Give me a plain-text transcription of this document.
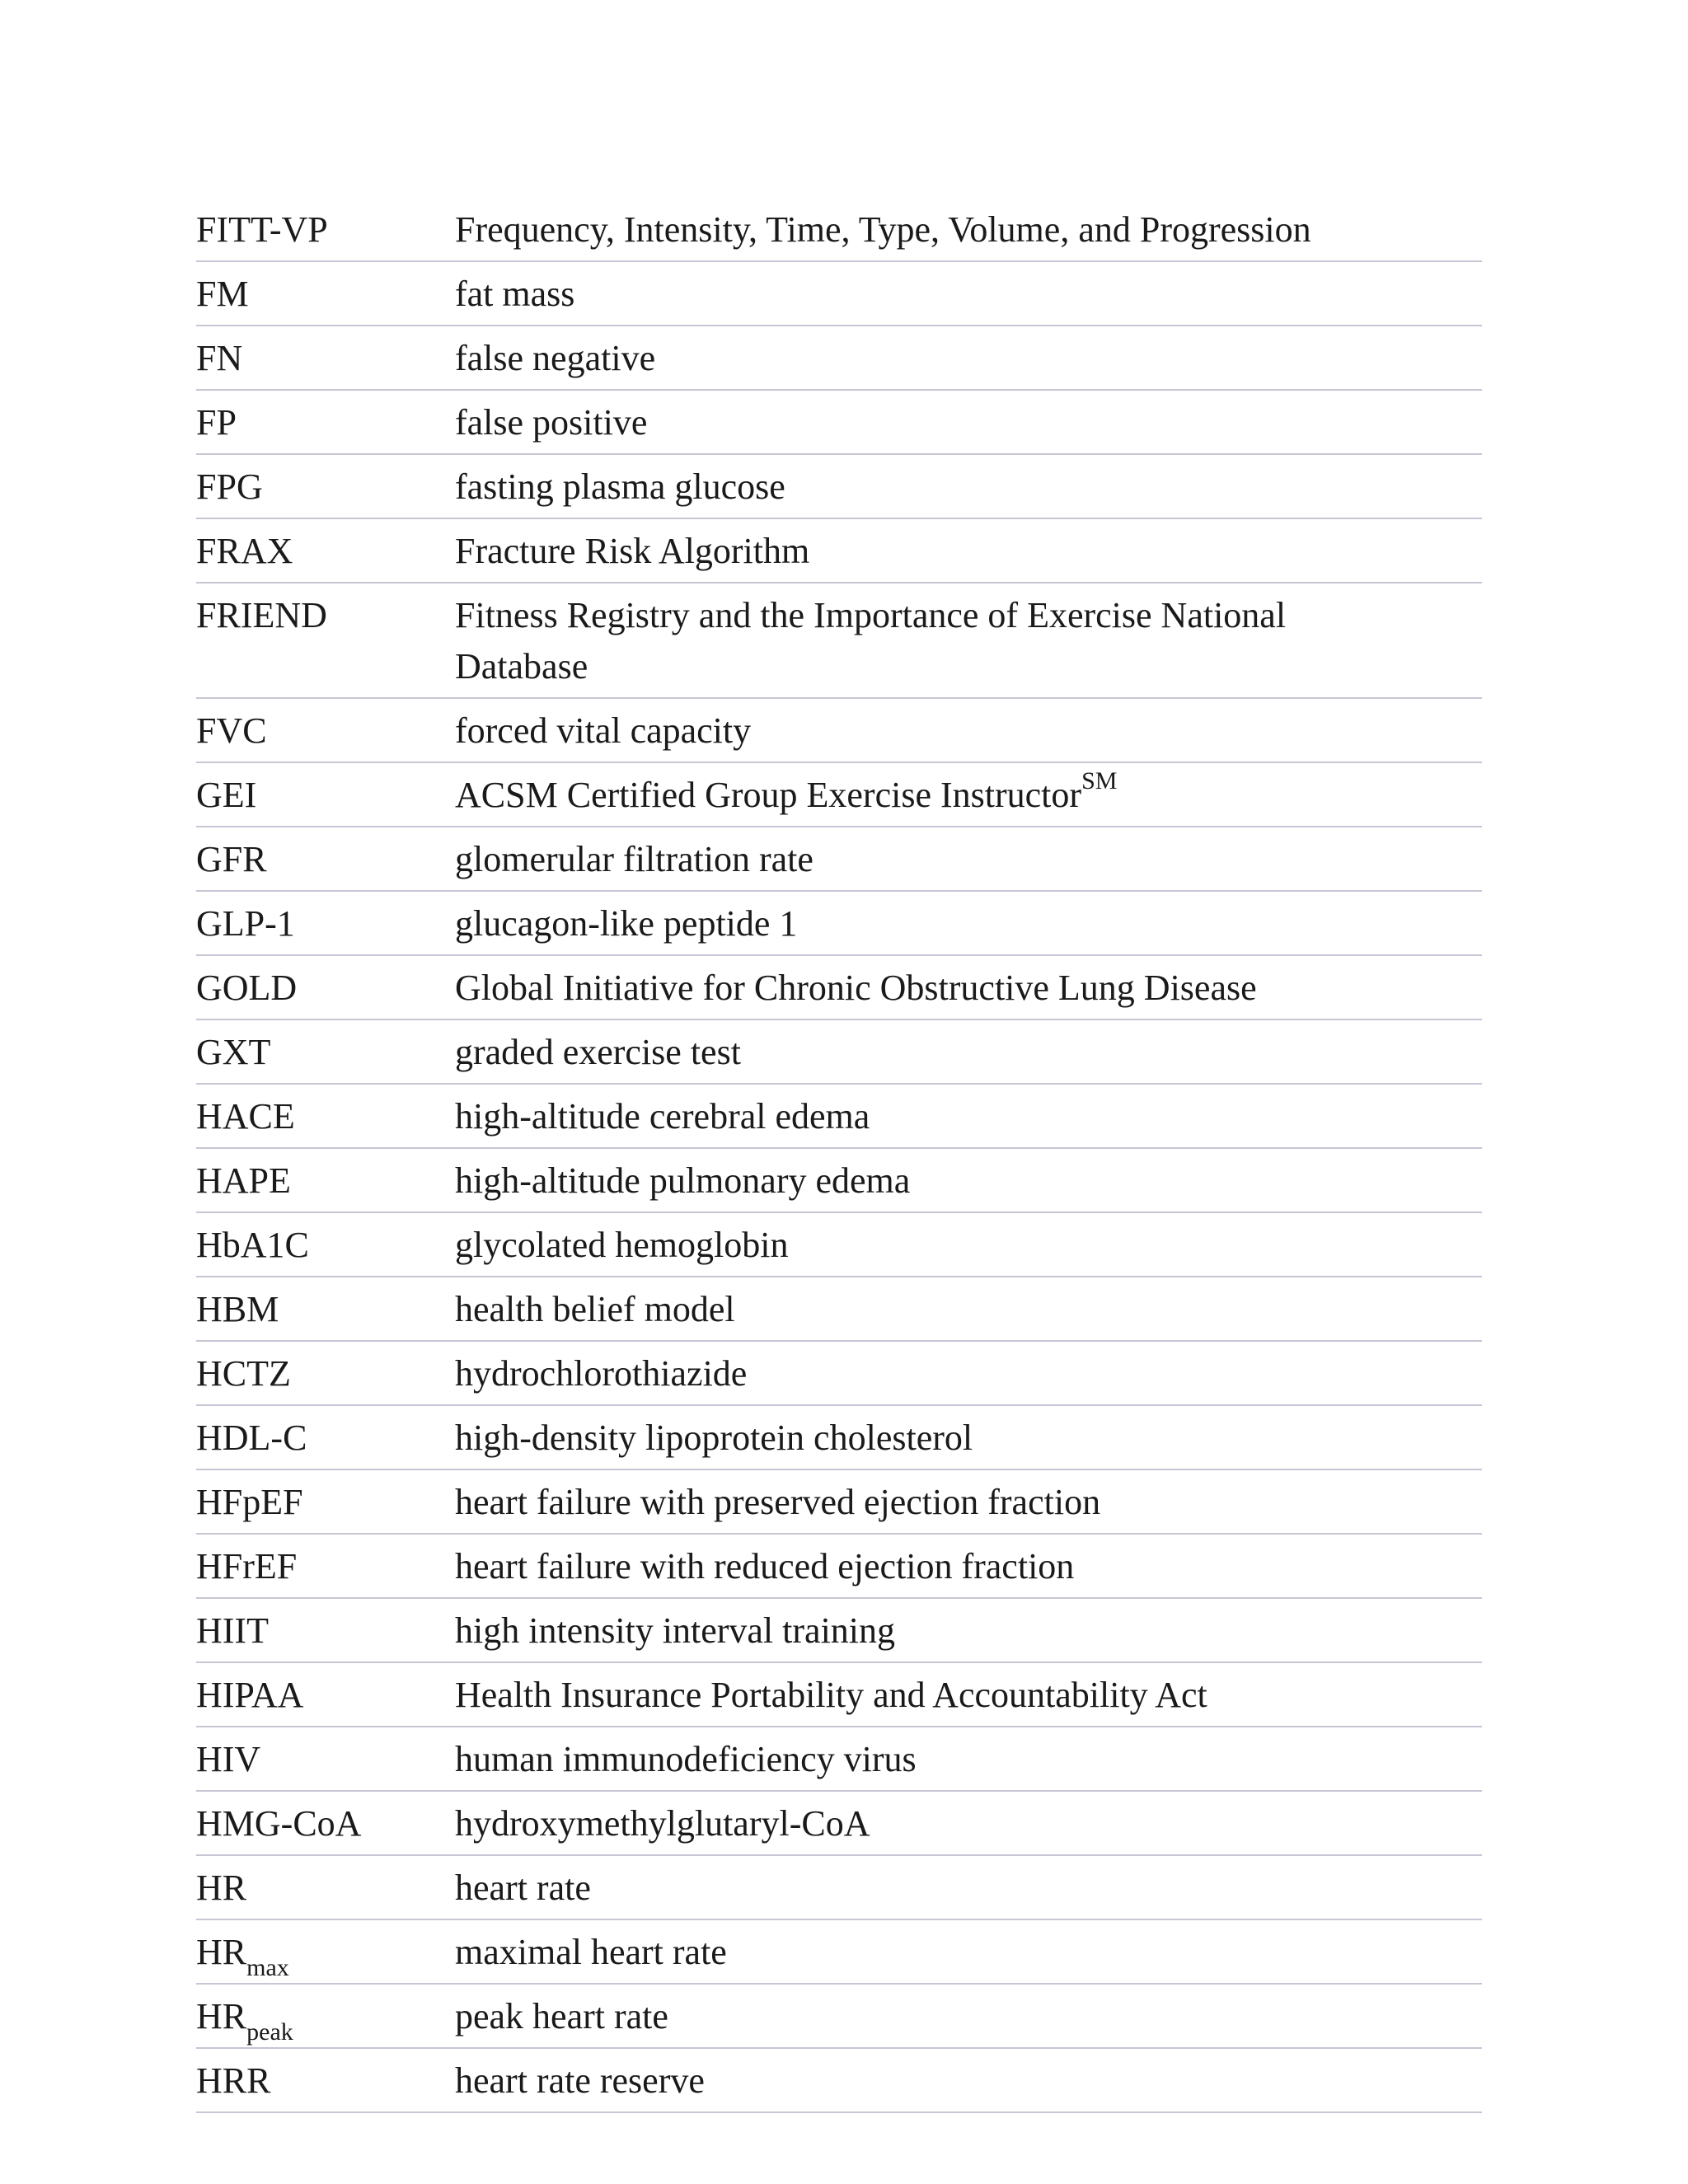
FITT-VP	Frequency, Intensity, Time, Type, Volume, and Progression
FM	fat mass
FN	false negative
FP	false positive
FPG	fasting plasma glucose
FRAX	Fracture Risk Algorithm
FRIEND	Fitness Registry and the Importance of Exercise National
Database
FVC	forced vital capacity
GEI	ACSM Certified Group Exercise Instructor℠
GFR	glomerular filtration rate
GLP-1	glucagon-like peptide 1
GOLD	Global Initiative for Chronic Obstructive Lung Disease
GXT	graded exercise test
HACE	high-altitude cerebral edema
HAPE	high-altitude pulmonary edema
HbA1C	glycolated hemoglobin
HBM	health belief model
HCTZ	hydrochlorothiazide
HDL-C	high-density lipoprotein cholesterol
HFpEF	heart failure with preserved ejection fraction
HFrEF	heart failure with reduced ejection fraction
HIIT	high intensity interval training
HIPAA	Health Insurance Portability and Accountability Act
HIV	human immunodeficiency virus
HMG-CoA	hydroxymethylglutaryl-CoA
HR	heart rate
$HR_{max}$	maximal heart rate
$HR_{peak}$	peak heart rate
HRR	heart rate reserve
